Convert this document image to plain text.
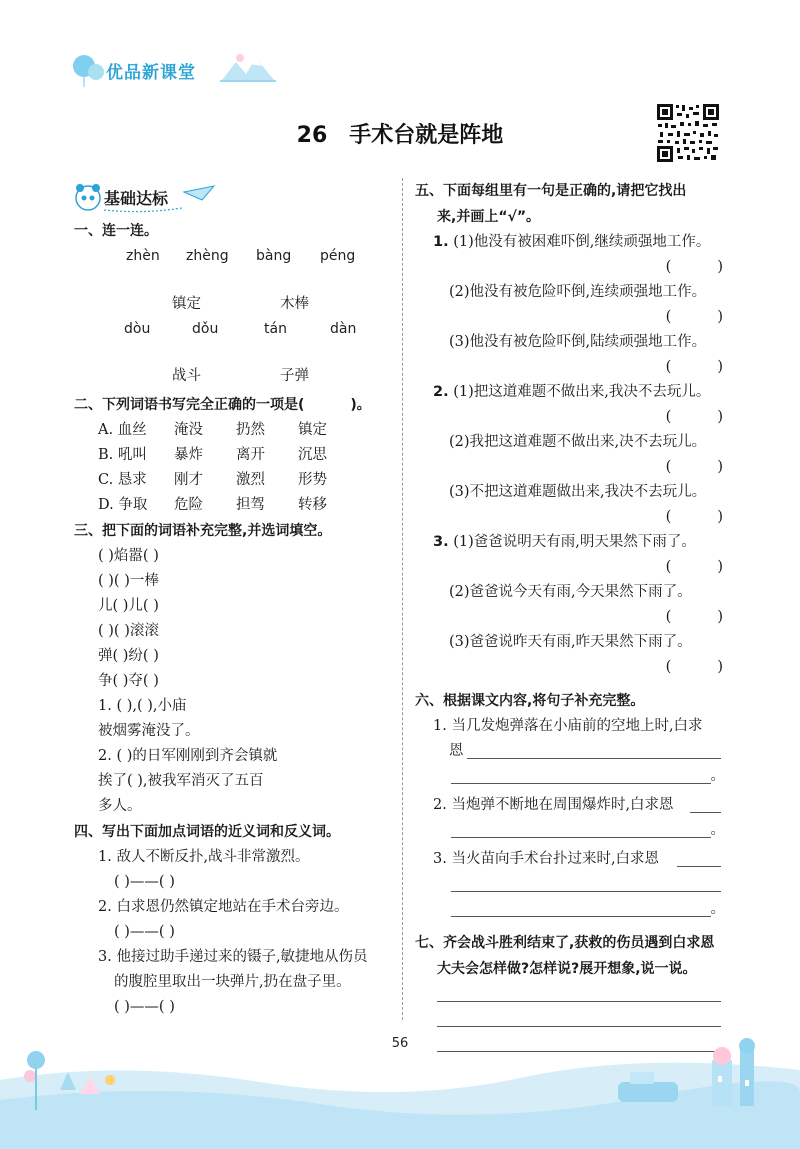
优品新课堂
26 手术台就是阵地
基础达标
一、连一连。
zhèn zhèng bàng péng
镇定	木棒
dòu	dǒu	tán	dàn
战斗	子弹
二、下列词语书写完全正确的一项是(	)。
A. 血丝 淹没 扔然 镇定
B. 吼叫 暴炸 离开 沉思
C. 恳求 刚才 激烈 形势
D. 争取 危险 担驾 转移
三、把下面的词语补充完整,并选词填空。
( )焰嚣( )
( )( )一棒
儿( )儿( )
( )( )滚滚
弹( )纷( )
争( )夺( )
1. ( ),( ),小庙
被烟雾淹没了。
2. ( )的日军刚刚到齐会镇就
挨了( ),被我军消灭了五百
多人。
四、写出下面加点词语的近义词和反义词。
1. 敌人不断反扑,战斗非常激烈。
( )——( )
2. 白求恩仍然镇定地站在手术台旁边。
( )——( )
3. 他接过助手递过来的镊子,敏捷地从伤员
的腹腔里取出一块弹片,扔在盘子里。
( )——( )
五、下面每组里有一句是正确的,请把它找出
来,并画上“√”。
1. (1)他没有被困难吓倒,继续顽强地工作。
(          )
(2)他没有被危险吓倒,连续顽强地工作。
(          )
(3)他没有被危险吓倒,陆续顽强地工作。
(          )
2. (1)把这道难题不做出来,我决不去玩儿。
(          )
(2)我把这道难题不做出来,决不去玩儿。
(          )
(3)不把这道难题做出来,我决不去玩儿。
(          )
3. (1)爸爸说明天有雨,明天果然下雨了。
(          )
(2)爸爸说今天有雨,今天果然下雨了。
(          )
(3)爸爸说昨天有雨,昨天果然下雨了。
(          )
六、根据课文内容,将句子补充完整。
1. 当几发炮弹落在小庙前的空地上时,白求
恩
。
2. 当炮弹不断地在周围爆炸时,白求恩
。
3. 当火苗向手术台扑过来时,白求恩
。
七、齐会战斗胜利结束了,获救的伤员遇到白求恩
大夫会怎样做?怎样说?展开想象,说一说。
56
